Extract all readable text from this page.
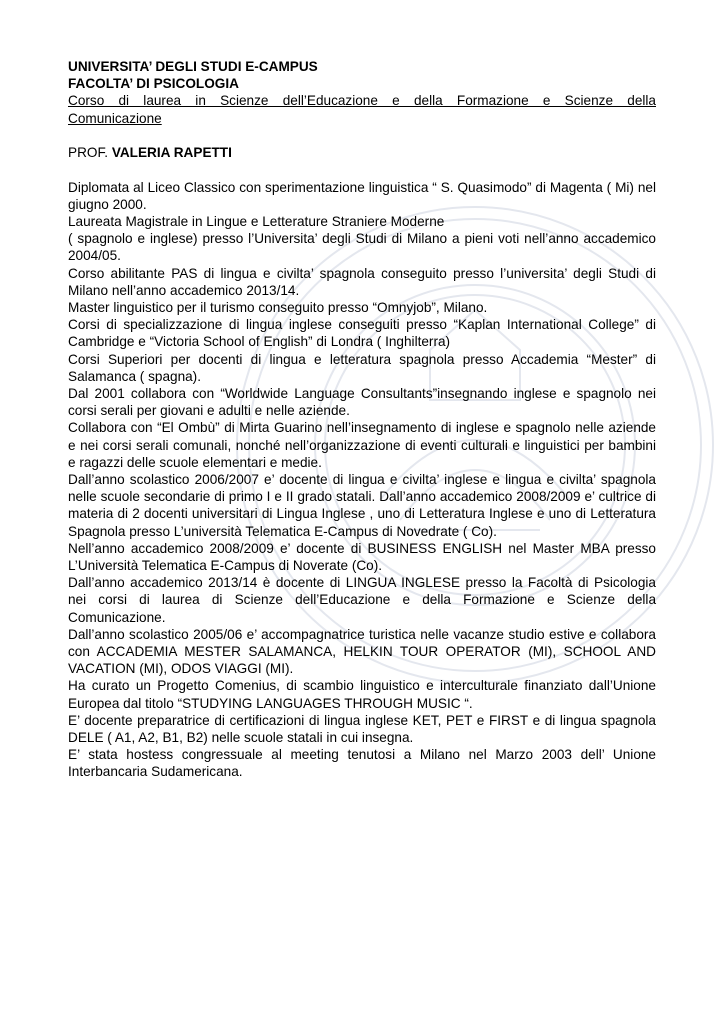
UNIVERSITA’ DEGLI STUDI E-CAMPUS

FACOLTA’ DI PSICOLOGIA

Corso di laurea in Scienze dell’Educazione e della Formazione e Scienze della

Comunicazione

PROF. VALERIA RAPETTI

Diplomata al Liceo Classico con sperimentazione linguistica “ S. Quasimodo” di Magenta ( Mi) nel giugno 2000.

Laureata Magistrale in Lingue e Letterature Straniere Moderne

( spagnolo e inglese) presso l’Universita’ degli Studi di Milano a pieni voti nell’anno accademico 2004/05.

Corso abilitante PAS di lingua e civilta’ spagnola conseguito presso l’universita’ degli Studi di Milano nell’anno accademico 2013/14.

Master linguistico per il turismo conseguito presso “Omnyjob”, Milano.

Corsi di specializzazione di lingua inglese conseguiti presso “Kaplan International College” di Cambridge e “Victoria School of English” di Londra ( Inghilterra)

Corsi Superiori per docenti di lingua e letteratura spagnola presso Accademia “Mester” di Salamanca ( spagna).

Dal 2001 collabora con “Worldwide Language Consultants”insegnando inglese e spagnolo nei corsi serali per giovani e adulti e nelle aziende.

Collabora con “El Ombù” di Mirta Guarino nell’insegnamento di inglese e spagnolo nelle aziende e nei corsi serali comunali, nonché nell’organizzazione di eventi culturali e linguistici per bambini e ragazzi delle scuole elementari e medie.

Dall’anno scolastico 2006/2007 e’ docente di lingua e civilta’ inglese e lingua e civilta’ spagnola nelle scuole secondarie di primo I e II grado statali. Dall’anno accademico 2008/2009 e’ cultrice di materia di 2 docenti universitari di Lingua Inglese , uno di Letteratura Inglese e uno di Letteratura Spagnola presso L’università Telematica E-Campus di Novedrate ( Co).

Nell’anno accademico 2008/2009 e’ docente di BUSINESS ENGLISH nel Master MBA presso L’Università Telematica E-Campus di Noverate (Co).

Dall’anno accademico 2013/14 è docente di LINGUA INGLESE presso la Facoltà di Psicologia nei corsi di laurea di Scienze dell’Educazione e della Formazione e Scienze della Comunicazione.

Dall’anno scolastico 2005/06 e’ accompagnatrice turistica nelle vacanze studio estive e collabora con ACCADEMIA MESTER SALAMANCA, HELKIN TOUR OPERATOR (MI), SCHOOL AND VACATION (MI), ODOS VIAGGI (MI).

Ha curato un Progetto Comenius, di scambio linguistico e interculturale finanziato dall’Unione Europea dal titolo “STUDYING LANGUAGES THROUGH MUSIC “.

E’ docente preparatrice di certificazioni di lingua inglese KET, PET e FIRST e di lingua spagnola DELE ( A1, A2, B1, B2) nelle scuole statali in cui insegna.

E’ stata hostess congressuale al meeting tenutosi a Milano nel Marzo 2003 dell’ Unione Interbancaria Sudamericana.
